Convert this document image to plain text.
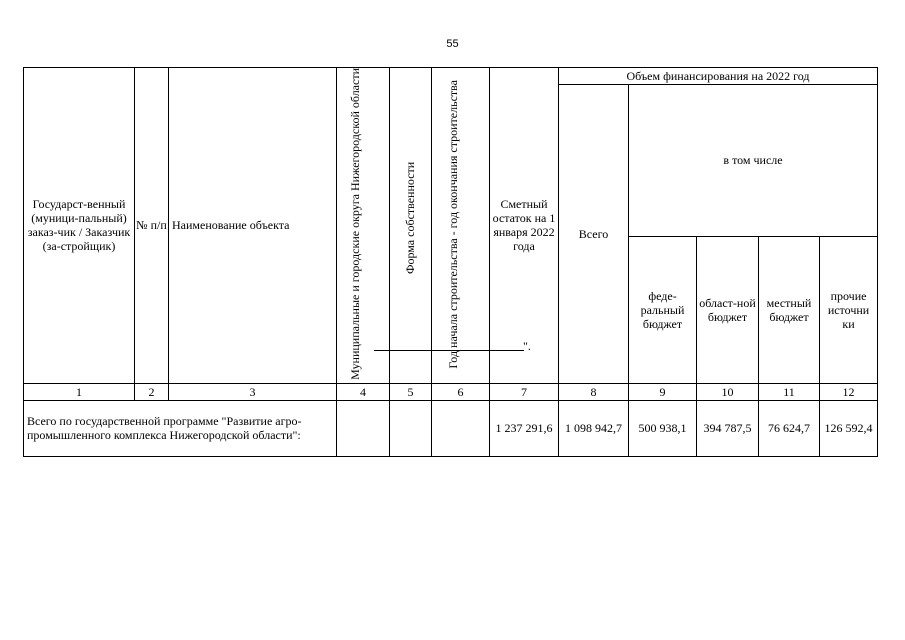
55
Государст-венный (муници-пальный) заказ-чик / Заказчик (за-стройщик)	№ п/п	Наименование объекта	Муниципальные и городские округа Нижегородской области	Форма собственности	Год начала строительства - год окончания строительства	Сметный остаток на 1 января 2022 года	Объем финансирования на 2022 год				
							Всего	в том числе			
								феде-ральный бюджет	област-ной бюджет	местный бюджет	прочие источни ки
1	2	3	4	5	6	7	8	9	10	11	12
Всего по государственной программе "Развитие агро-промышленного комплекса Нижегородской области":						1 237 291,6	1 098 942,7	500 938,1	394 787,5	76 624,7	126 592,4
".
